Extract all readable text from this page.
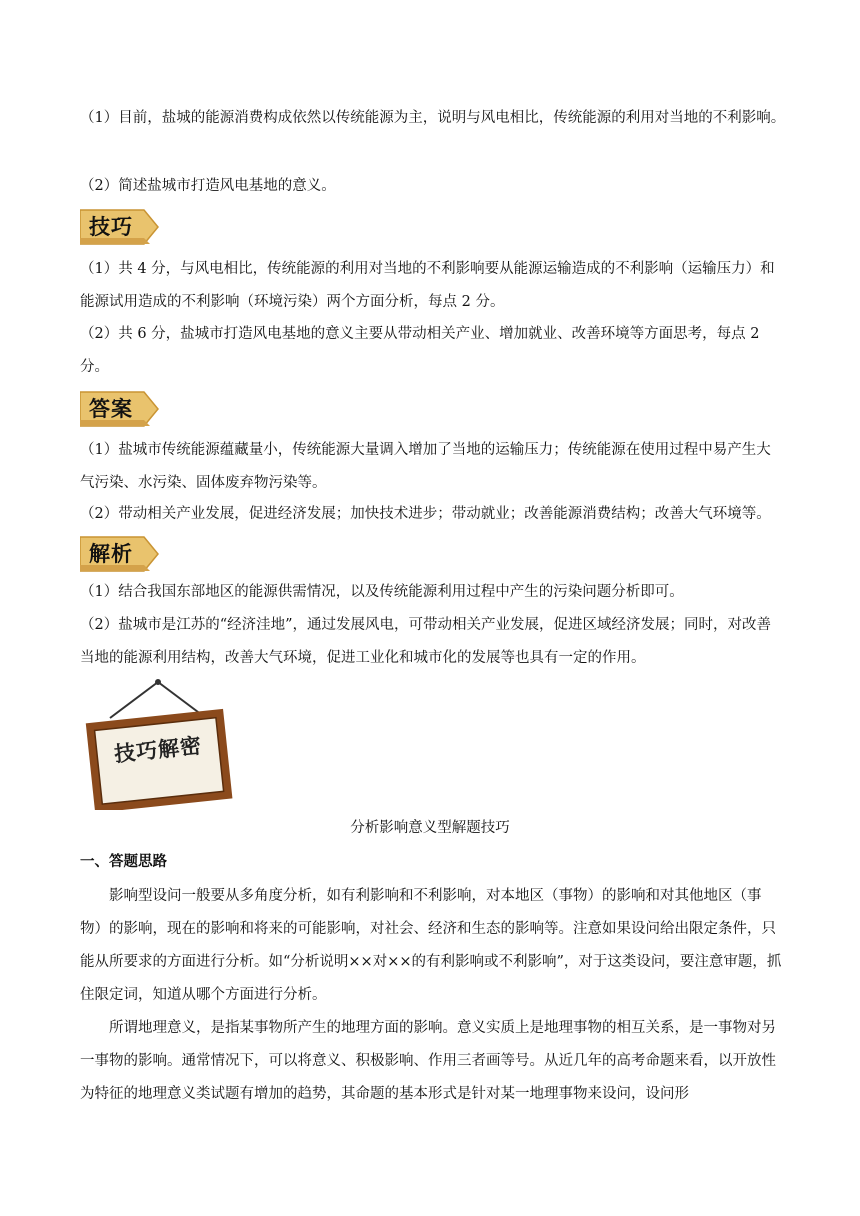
（1）目前，盐城的能源消费构成依然以传统能源为主，说明与风电相比，传统能源的利用对当地的不利影响。

（2）简述盐城市打造风电基地的意义。

技巧

（1）共 4 分，与风电相比，传统能源的利用对当地的不利影响要从能源运输造成的不利影响（运输压力）和能源试用造成的不利影响（环境污染）两个方面分析，每点 2 分。

（2）共 6 分，盐城市打造风电基地的意义主要从带动相关产业、增加就业、改善环境等方面思考，每点 2 分。

答案

（1）盐城市传统能源蕴藏量小，传统能源大量调入增加了当地的运输压力；传统能源在使用过程中易产生大气污染、水污染、固体废弃物污染等。

（2）带动相关产业发展，促进经济发展；加快技术进步；带动就业；改善能源消费结构；改善大气环境等。

解析

（1）结合我国东部地区的能源供需情况，以及传统能源利用过程中产生的污染问题分析即可。

（2）盐城市是江苏的“经济洼地”，通过发展风电，可带动相关产业发展，促进区域经济发展；同时，对改善当地的能源利用结构，改善大气环境，促进工业化和城市化的发展等也具有一定的作用。

技巧解密
分析影响意义型解题技巧
一、答题思路

影响型设问一般要从多角度分析，如有利影响和不利影响，对本地区（事物）的影响和对其他地区（事物）的影响，现在的影响和将来的可能影响，对社会、经济和生态的影响等。注意如果设问给出限定条件，只能从所要求的方面进行分析。如“分析说明××对××的有利影响或不利影响”，对于这类设问，要注意审题，抓住限定词，知道从哪个方面进行分析。

所谓地理意义，是指某事物所产生的地理方面的影响。意义实质上是地理事物的相互关系，是一事物对另一事物的影响。通常情况下，可以将意义、积极影响、作用三者画等号。从近几年的高考命题来看，以开放性为特征的地理意义类试题有增加的趋势，其命题的基本形式是针对某一地理事物来设问，设问形
